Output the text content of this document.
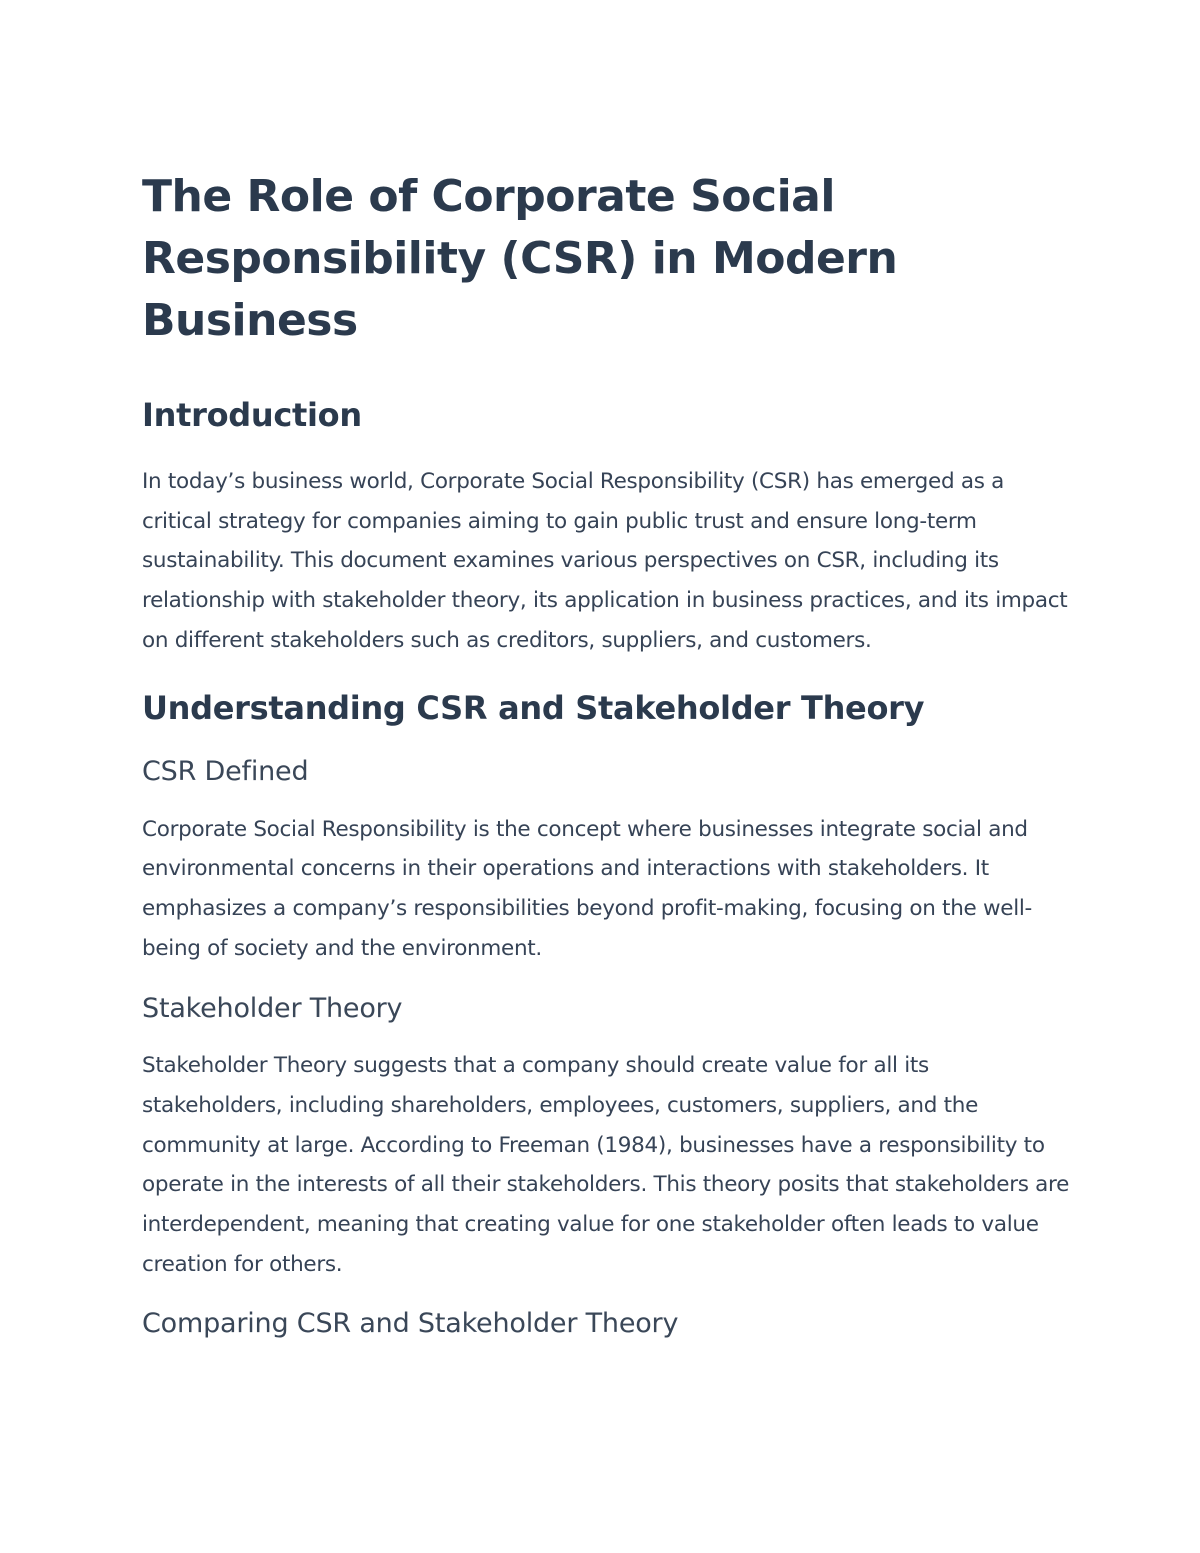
The Role of Corporate Social Responsibility (CSR) in Modern Business
Introduction

In today’s business world, Corporate Social Responsibility (CSR) has emerged as a critical strategy for companies aiming to gain public trust and ensure long-term sustainability. This document examines various perspectives on CSR, including its relationship with stakeholder theory, its application in business practices, and its impact on different stakeholders such as creditors, suppliers, and customers.

Understanding CSR and Stakeholder Theory
CSR Defined

Corporate Social Responsibility is the concept where businesses integrate social and environmental concerns in their operations and interactions with stakeholders. It emphasizes a company’s responsibilities beyond profit-making, focusing on the well-being of society and the environment.

Stakeholder Theory

Stakeholder Theory suggests that a company should create value for all its stakeholders, including shareholders, employees, customers, suppliers, and the community at large. According to Freeman (1984), businesses have a responsibility to operate in the interests of all their stakeholders. This theory posits that stakeholders are interdependent, meaning that creating value for one stakeholder often leads to value creation for others.

Comparing CSR and Stakeholder Theory
